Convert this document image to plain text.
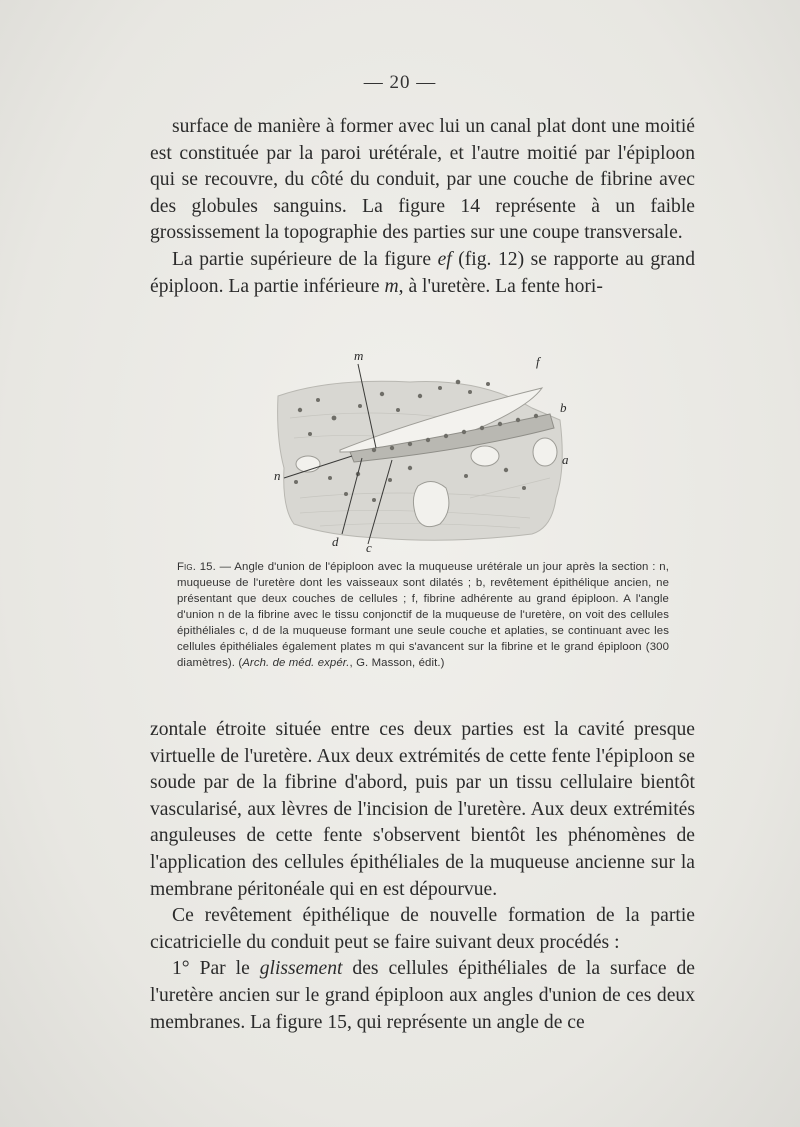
— 20 —

surface de manière à former avec lui un canal plat dont une moitié est constituée par la paroi urétérale, et l'autre moitié par l'épiploon qui se recouvre, du côté du conduit, par une couche de fibrine avec des globules sanguins. La figure 14 représente à un faible grossissement la topographie des parties sur une coupe transversale.

La partie supérieure de la figure ef (fig. 12) se rapporte au grand épiploon. La partie inférieure m, à l'uretère. La fente hori-

m	f
b
a
n
d c
Fig. 15. — Angle d'union de l'épiploon avec la muqueuse urétérale un jour après la section : n, muqueuse de l'uretère dont les vaisseaux sont dilatés ; b, revêtement épithélique ancien, ne présentant que deux couches de cellules ; f, fibrine adhérente au grand épiploon. A l'angle d'union n de la fibrine avec le tissu conjonctif de la muqueuse de l'uretère, on voit des cellules épithéliales c, d de la muqueuse formant une seule couche et aplaties, se continuant avec les cellules épithéliales également plates m qui s'avancent sur la fibrine et le grand épiploon (300 diamètres). (Arch. de méd. expér., G. Masson, édit.)

zontale étroite située entre ces deux parties est la cavité presque virtuelle de l'uretère. Aux deux extrémités de cette fente l'épiploon se soude par de la fibrine d'abord, puis par un tissu cellulaire bientôt vascularisé, aux lèvres de l'incision de l'uretère. Aux deux extrémités anguleuses de cette fente s'observent bientôt les phénomènes de l'application des cellules épithéliales de la muqueuse ancienne sur la membrane péritonéale qui en est dépourvue.

Ce revêtement épithélique de nouvelle formation de la partie cicatricielle du conduit peut se faire suivant deux procédés :

1° Par le glissement des cellules épithéliales de la surface de l'uretère ancien sur le grand épiploon aux angles d'union de ces deux membranes. La figure 15, qui représente un angle de ce
